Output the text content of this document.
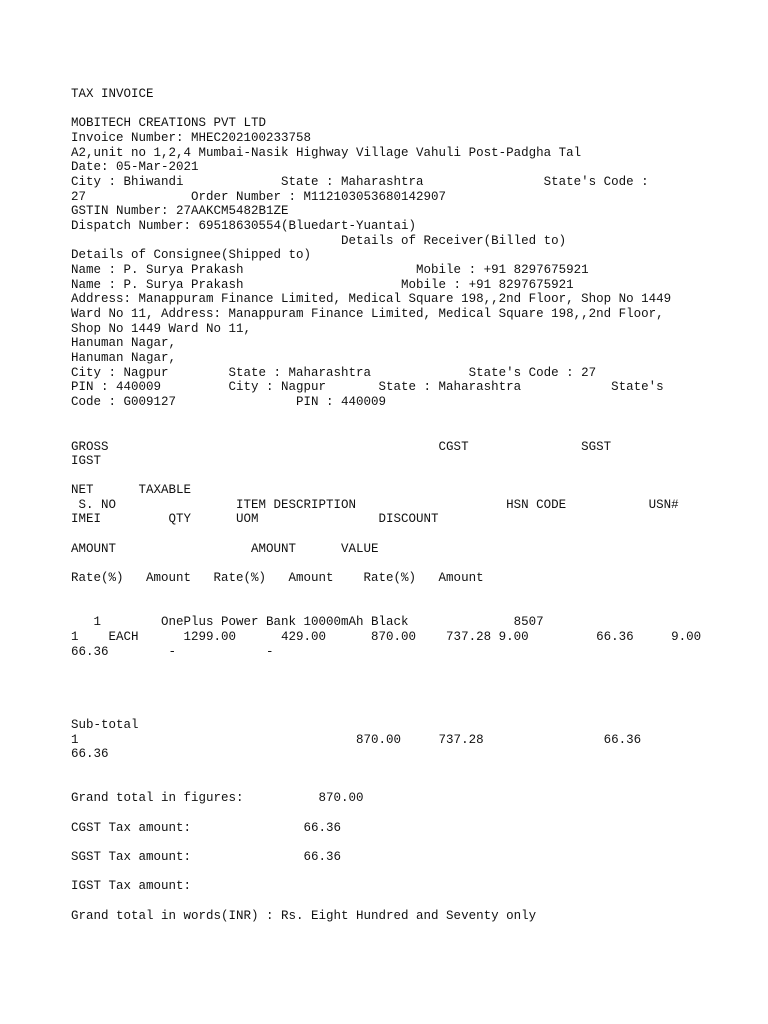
TAX INVOICE
MOBITECH CREATIONS PVT LTD
Invoice Number: MHEC202100233758
A2,unit no 1,2,4 Mumbai-Nasik Highway Village Vahuli Post-Padgha Tal
Date: 05-Mar-2021
City : Bhiwandi             State : Maharashtra                State's Code :
27              Order Number : M112103053680142907
GSTIN Number: 27AAKCM5482B1ZE
Dispatch Number: 69518630554(Bluedart-Yuantai)
Details of Receiver(Billed to)
Details of Consignee(Shipped to)
Name : P. Surya Prakash                       Mobile : +91 8297675921
Name : P. Surya Prakash                     Mobile : +91 8297675921
Address: Manappuram Finance Limited, Medical Square 198,,2nd Floor, Shop No 1449
Ward No 11, Address: Manappuram Finance Limited, Medical Square 198,,2nd Floor,
Shop No 1449 Ward No 11,
Hanuman Nagar,
Hanuman Nagar,
City : Nagpur        State : Maharashtra             State's Code : 27
PIN : 440009         City : Nagpur       State : Maharashtra            State's
Code : G009127                PIN : 440009
GROSS                                            CGST               SGST
IGST
NET      TAXABLE
S. NO                ITEM DESCRIPTION                    HSN CODE           USN#
IMEI         QTY      UOM                DISCOUNT
AMOUNT                  AMOUNT      VALUE
Rate(%)   Amount   Rate(%)   Amount    Rate(%)   Amount
1        OnePlus Power Bank 10000mAh Black              8507
1    EACH      1299.00      429.00      870.00    737.28 9.00         66.36     9.00
66.36        -            -
Sub-total
1                                     870.00     737.28                66.36
66.36
Grand total in figures:          870.00
CGST Tax amount:               66.36
SGST Tax amount:               66.36
IGST Tax amount:
Grand total in words(INR) : Rs. Eight Hundred and Seventy only
